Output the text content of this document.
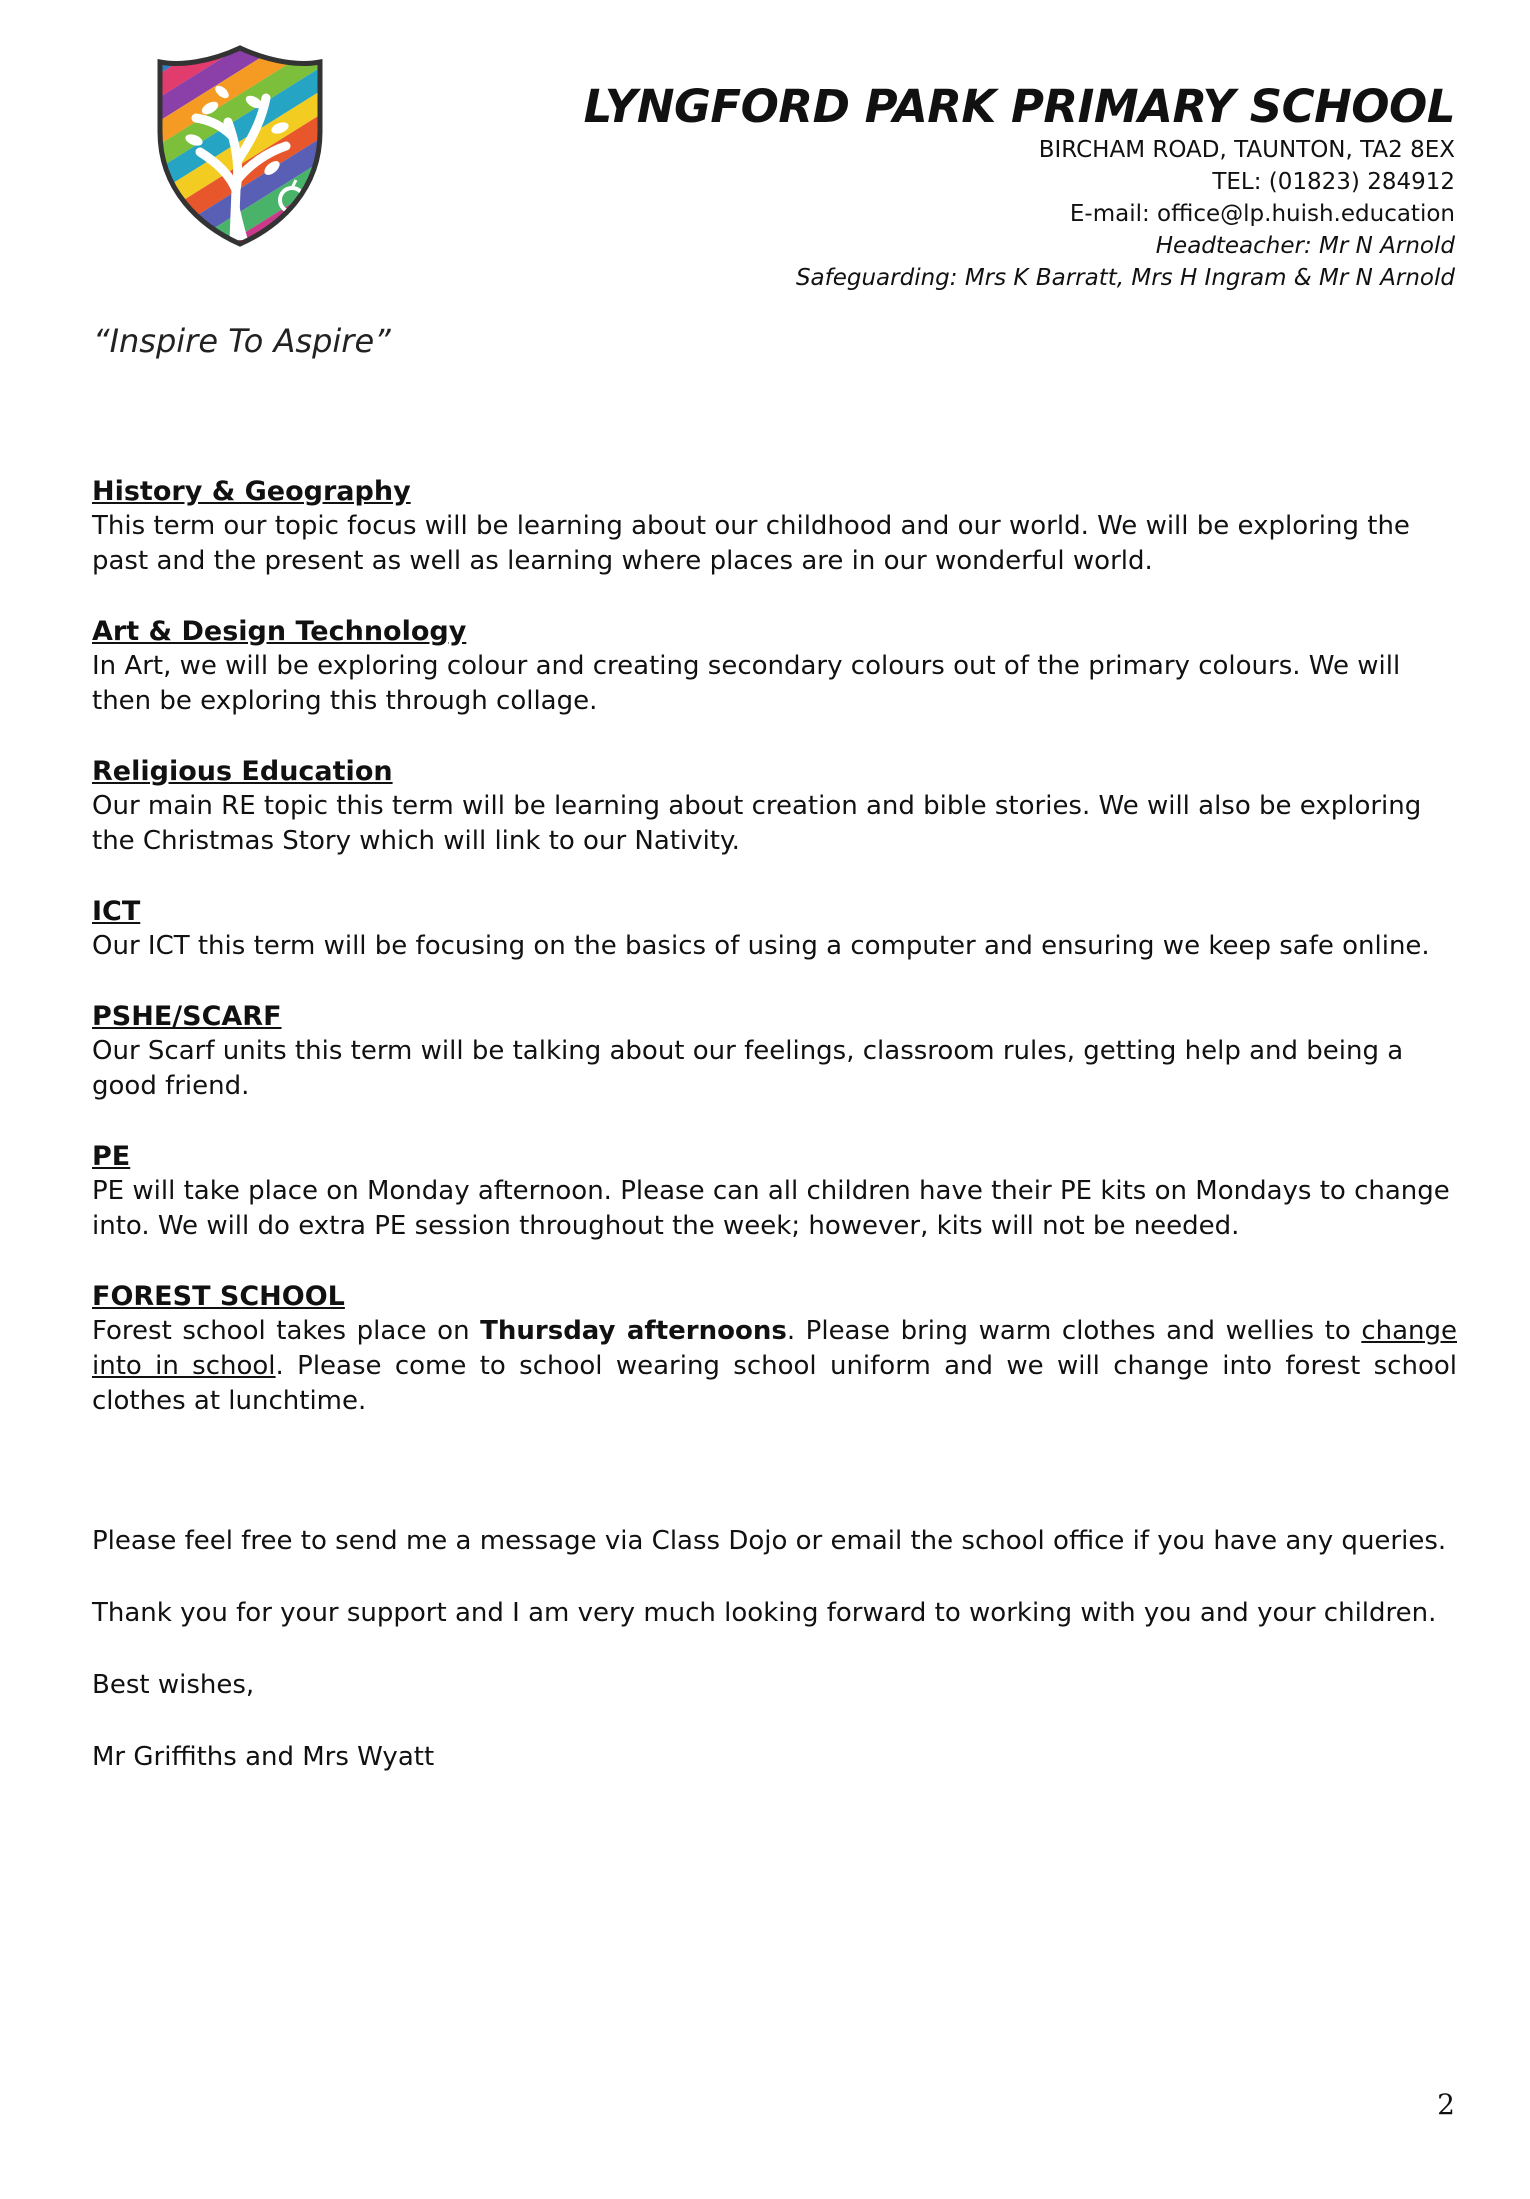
LYNGFORD PARK PRIMARY SCHOOL

BIRCHAM ROAD, TAUNTON, TA2 8EX

TEL: (01823) 284912

E-mail: office@lp.huish.education

Headteacher: Mr N Arnold

Safeguarding: Mrs K Barratt, Mrs H Ingram & Mr N Arnold

“Inspire To Aspire”

History & Geography

This term our topic focus will be learning about our childhood and our world. We will be exploring the past and the present as well as learning where places are in our wonderful world.

Art & Design Technology

In Art, we will be exploring colour and creating secondary colours out of the primary colours. We will then be exploring this through collage.

Religious Education

Our main RE topic this term will be learning about creation and bible stories. We will also be exploring the Christmas Story which will link to our Nativity.

ICT

Our ICT this term will be focusing on the basics of using a computer and ensuring we keep safe online.

PSHE/SCARF

Our Scarf units this term will be talking about our feelings, classroom rules, getting help and being a good friend.

PE

PE will take place on Monday afternoon. Please can all children have their PE kits on Mondays to change into. We will do extra PE session throughout the week; however, kits will not be needed.

FOREST SCHOOL

Forest school takes place on Thursday afternoons. Please bring warm clothes and wellies to change into in school. Please come to school wearing school uniform and we will change into forest school clothes at lunchtime.

Please feel free to send me a message via Class Dojo or email the school office if you have any queries.

Thank you for your support and I am very much looking forward to working with you and your children.

Best wishes,

Mr Griffiths and Mrs Wyatt

2
